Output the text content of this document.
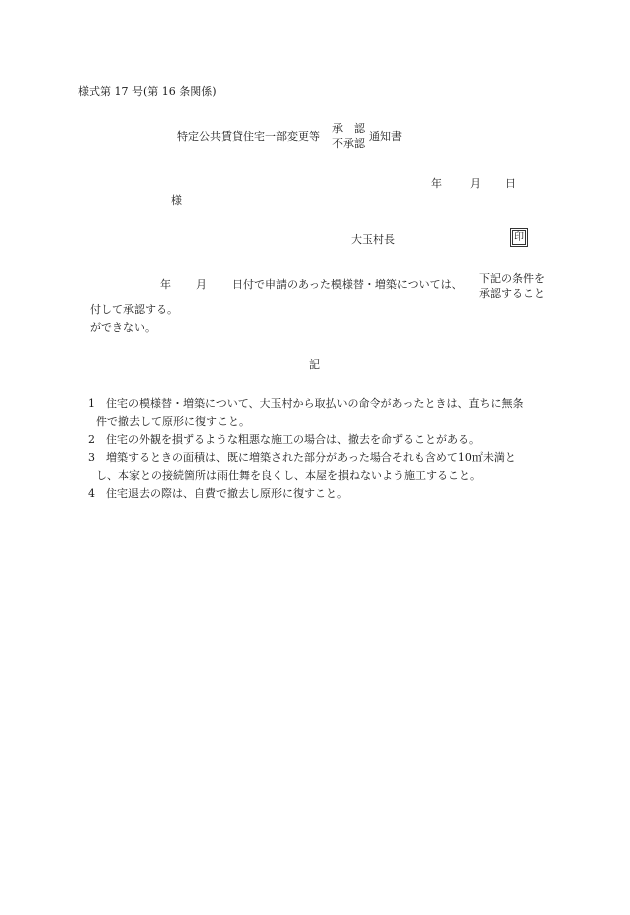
様式第 17 号(第 16 条関係)
特定公共賃貸住宅一部変更等
承　認
不承認
通知書
年	月 日
様
大玉村長	印
年 月 日付で申請のあった模様替・増築については、 下記の条件を
承認すること
付して承認する。
ができない。
記
1　住宅の模様替・増築について、大玉村から取払いの命令があったときは、直ちに無条
件で撤去して原形に復すこと。
2　住宅の外観を損ずるような粗悪な施工の場合は、撤去を命ずることがある。
3　増築するときの面積は、既に増築された部分があった場合それも含めて10㎡未満と
し、本家との接続箇所は雨仕舞を良くし、本屋を損ねないよう施工すること。
4　住宅退去の際は、自費で撤去し原形に復すこと。
